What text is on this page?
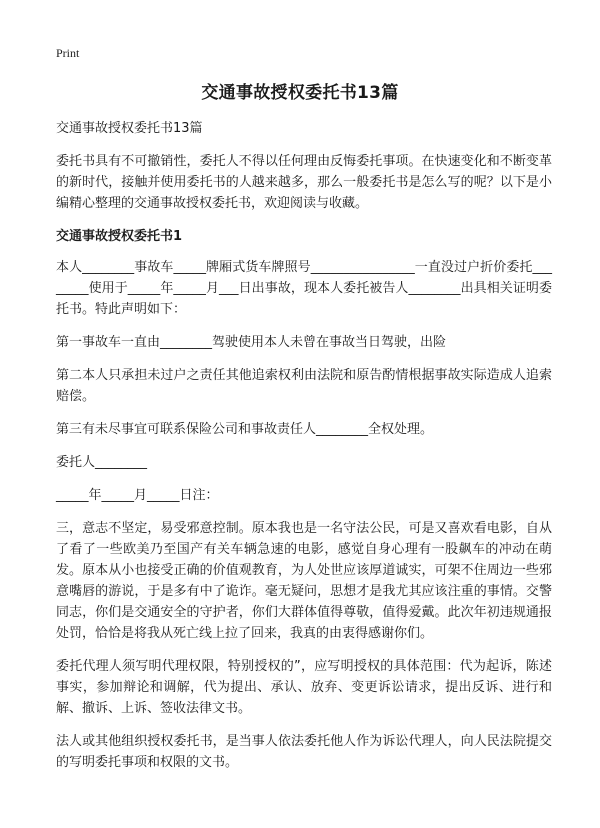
Print
交通事故授权委托书13篇

交通事故授权委托书13篇

委托书具有不可撤销性，委托人不得以任何理由反悔委托事项。在快速变化和不断变革的新时代，接触并使用委托书的人越来越多，那么一般委托书是怎么写的呢？以下是小编精心整理的交通事故授权委托书，欢迎阅读与收藏。

交通事故授权委托书1

本人________事故车_____牌厢式货车牌照号________________一直没过户折价委托________使用于_____年_____月___日出事故，现本人委托被告人________出具相关证明委托书。特此声明如下：

第一事故车一直由________驾驶使用本人未曾在事故当日驾驶，出险

第二本人只承担未过户之责任其他追索权利由法院和原告酌情根据事故实际造成人追索赔偿。

第三有未尽事宜可联系保险公司和事故责任人________全权处理。

委托人________

_____年_____月_____日注：

三，意志不坚定，易受邪意控制。原本我也是一名守法公民，可是又喜欢看电影，自从了看了一些欧美乃至国产有关车辆急速的电影，感觉自身心理有一股飙车的冲动在萌发。原本从小也接受正确的价值观教育，为人处世应该厚道诚实，可架不住周边一些邪意嘴唇的游说，于是多有中了诡诈。毫无疑问，思想才是我尤其应该注重的事情。交警同志，你们是交通安全的守护者，你们大群体值得尊敬，值得爱戴。此次年初违规通报处罚，恰恰是将我从死亡线上拉了回来，我真的由衷得感谢你们。

委托代理人须写明代理权限，特别授权的”，应写明授权的具体范围：代为起诉，陈述事实，参加辩论和调解，代为提出、承认、放弃、变更诉讼请求，提出反诉、进行和解、撤诉、上诉、签收法律文书。

法人或其他组织授权委托书，是当事人依法委托他人作为诉讼代理人，向人民法院提交的写明委托事项和权限的文书。
